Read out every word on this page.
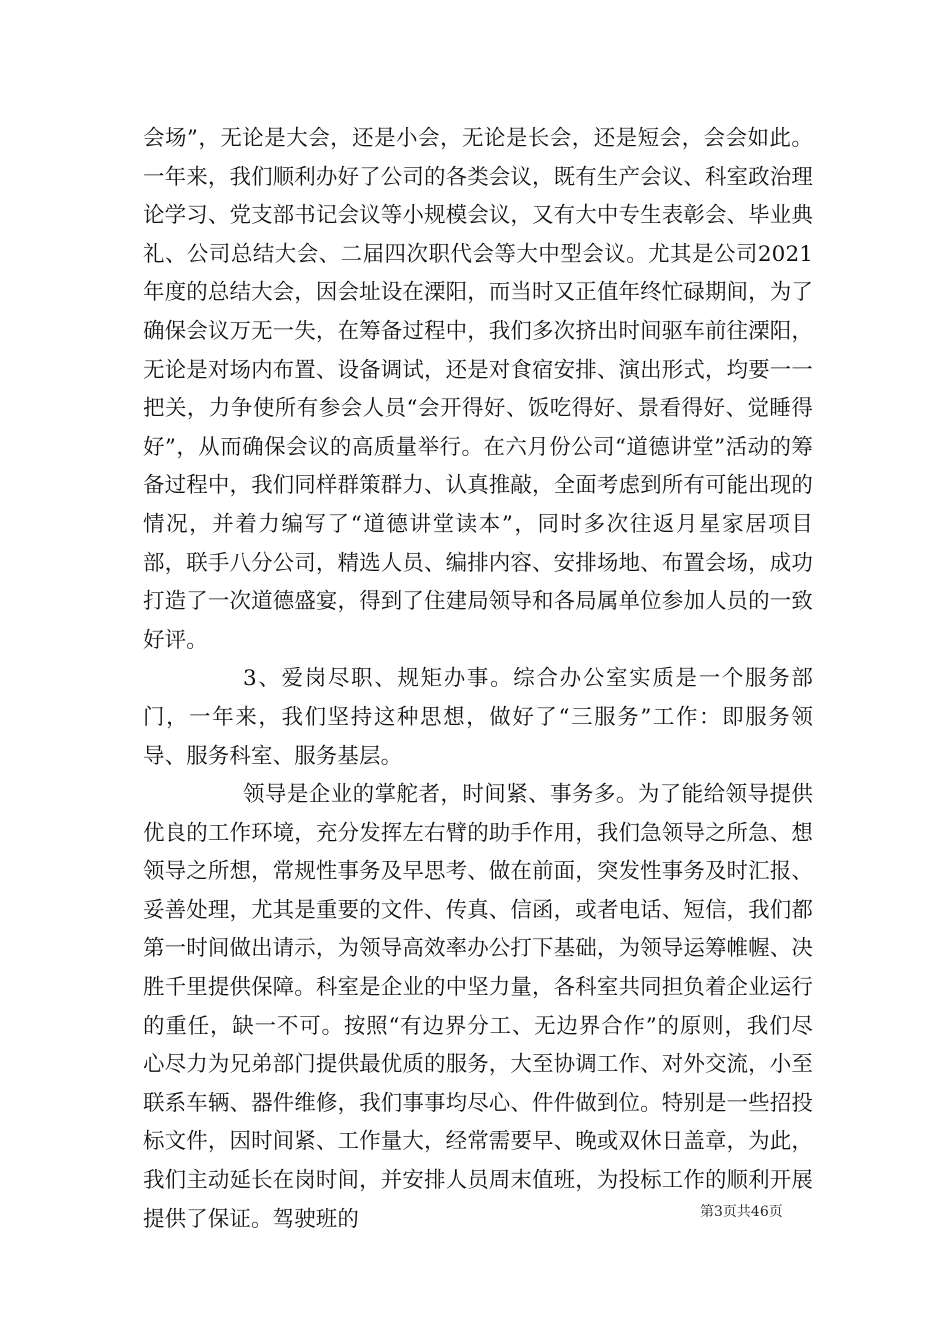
会场”，无论是大会，还是小会，无论是长会，还是短会，会会如此。一年来，我们顺利办好了公司的各类会议，既有生产会议、科室政治理论学习、党支部书记会议等小规模会议，又有大中专生表彰会、毕业典礼、公司总结大会、二届四次职代会等大中型会议。尤其是公司2021年度的总结大会，因会址设在溧阳，而当时又正值年终忙碌期间，为了确保会议万无一失，在筹备过程中，我们多次挤出时间驱车前往溧阳，无论是对场内布置、设备调试，还是对食宿安排、演出形式，均要一一把关，力争使所有参会人员“会开得好、饭吃得好、景看得好、觉睡得好”，从而确保会议的高质量举行。在六月份公司“道德讲堂”活动的筹备过程中，我们同样群策群力、认真推敲，全面考虑到所有可能出现的情况，并着力编写了“道德讲堂读本”，同时多次往返月星家居项目部，联手八分公司，精选人员、编排内容、安排场地、布置会场，成功打造了一次道德盛宴，得到了住建局领导和各局属单位参加人员的一致好评。

3、爱岗尽职、规矩办事。综合办公室实质是一个服务部门，一年来，我们坚持这种思想，做好了“三服务”工作：即服务领导、服务科室、服务基层。

领导是企业的掌舵者，时间紧、事务多。为了能给领导提供优良的工作环境，充分发挥左右臂的助手作用，我们急领导之所急、想领导之所想，常规性事务及早思考、做在前面，突发性事务及时汇报、妥善处理，尤其是重要的文件、传真、信函，或者电话、短信，我们都第一时间做出请示，为领导高效率办公打下基础，为领导运筹帷幄、决胜千里提供保障。科室是企业的中坚力量，各科室共同担负着企业运行的重任，缺一不可。按照“有边界分工、无边界合作”的原则，我们尽心尽力为兄弟部门提供最优质的服务，大至协调工作、对外交流，小至联系车辆、器件维修，我们事事均尽心、件件做到位。特别是一些招投标文件，因时间紧、工作量大，经常需要早、晚或双休日盖章，为此，我们主动延长在岗时间，并安排人员周末值班，为投标工作的顺利开展提供了保证。驾驶班的	第3页共46页
